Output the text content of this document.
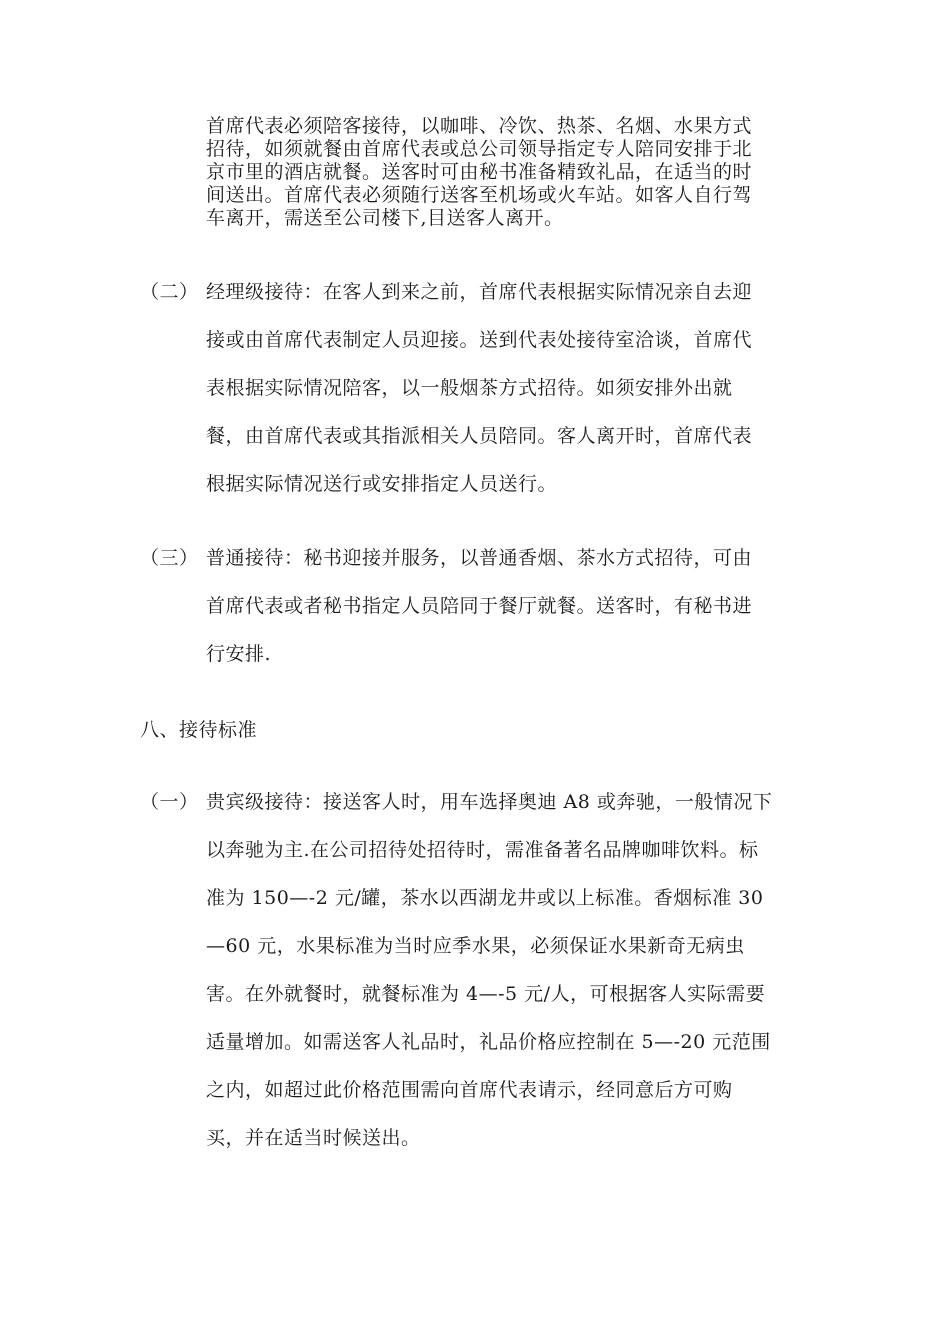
首席代表必须陪客接待，以咖啡、冷饮、热茶、名烟、水果方式
招待，如须就餐由首席代表或总公司领导指定专人陪同安排于北
京市里的酒店就餐。送客时可由秘书准备精致礼品，在适当的时
间送出。首席代表必须随行送客至机场或火车站。如客人自行驾
车离开，需送至公司楼下,目送客人离开。
（二） 经理级接待：在客人到来之前，首席代表根据实际情况亲自去迎
接或由首席代表制定人员迎接。送到代表处接待室洽谈，首席代
表根据实际情况陪客，以一般烟茶方式招待。如须安排外出就
餐，由首席代表或其指派相关人员陪同。客人离开时，首席代表
根据实际情况送行或安排指定人员送行。
（三） 普通接待：秘书迎接并服务，以普通香烟、茶水方式招待，可由
首席代表或者秘书指定人员陪同于餐厅就餐。送客时，有秘书进
行安排.
八、接待标准
（一） 贵宾级接待：接送客人时，用车选择奥迪 A8 或奔驰，一般情况下
以奔驰为主.在公司招待处招待时，需准备著名品牌咖啡饮料。标
准为 150—-2 元/罐，茶水以西湖龙井或以上标准。香烟标准 30
—60 元，水果标准为当时应季水果，必须保证水果新奇无病虫
害。在外就餐时，就餐标准为 4—-5 元/人，可根据客人实际需要
适量增加。如需送客人礼品时，礼品价格应控制在 5—-20 元范围
之内，如超过此价格范围需向首席代表请示，经同意后方可购
买，并在适当时候送出。
